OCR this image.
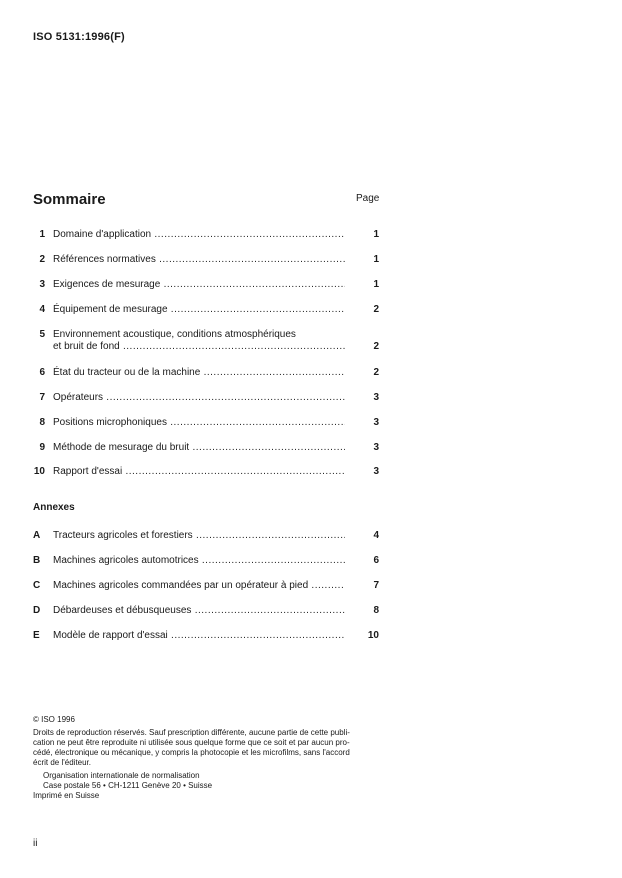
ISO 5131:1996(F)
Sommaire	Page
1 Domaine d'application .....	1
2 Références normatives .....	1
3 Exigences de mesurage .....	1
4 Équipement de mesurage .....	2
5 Environnement acoustique, conditions atmosphériques
et bruit de fond .....	2
6 État du tracteur ou de la machine .....	2
7 Opérateurs .....	3
8 Positions microphoniques .....	3
9 Méthode de mesurage du bruit .....	3
10 Rapport d'essai .....	3
Annexes
A	Tracteurs agricoles et forestiers .....	4
B	Machines agricoles automotrices .....	6
C	Machines agricoles commandées par un opérateur à pied .....	7
D	Débardeuses et débusqueuses .....	8
E	Modèle de rapport d'essai .....	10

© ISO 1996

Droits de reproduction réservés. Sauf prescription différente, aucune partie de cette publi-

cation ne peut être reproduite ni utilisée sous quelque forme que ce soit et par aucun pro-

cédé, électronique ou mécanique, y compris la photocopie et les microfilms, sans l'accord

écrit de l'éditeur.

Organisation internationale de normalisation

Case postale 56 • CH-1211 Genève 20 • Suisse

Imprimé en Suisse

ii
